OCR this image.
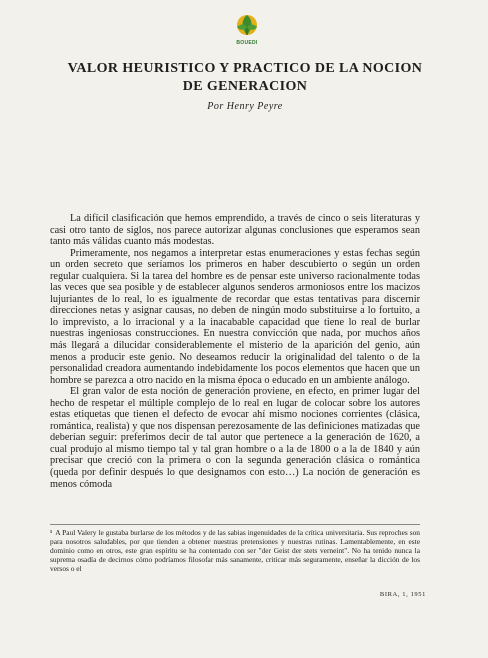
BOUEDI
VALOR HEURISTICO Y PRACTICO DE LA NOCION DE GENERACION
Por Henry Peyre

La difícil clasificación que hemos emprendido, a través de cinco o seis literaturas y casi otro tanto de siglos, nos parece autorizar algunas conclusiones que esperamos sean tanto más válidas cuanto más modestas.

Primeramente, nos negamos a interpretar estas enumeraciones y estas fechas según un orden secreto que seríamos los primeros en haber descubierto o según un orden regular cualquiera. Si la tarea del hombre es de pensar este universo racionalmente todas las veces que sea posible y de establecer algunos senderos armoniosos entre los macizos lujuriantes de lo real, lo es igualmente de recordar que estas tentativas para discernir direcciones netas y asignar causas, no deben de ningún modo substituirse a lo fortuito, a lo imprevisto, a lo irracional y a la inacabable capacidad que tiene lo real de burlar nuestras ingeniosas construcciones. En nuestra convicción que nada, por muchos años más llegará a dilucidar considerablemente el misterio de la aparición del genio, aún menos a producir este genio. No deseamos reducir la originalidad del talento o de la personalidad creadora aumentando indebidamente los pocos elementos que hacen que un hombre se parezca a otro nacido en la misma época o educado en un ambiente análogo.

El gran valor de esta noción de generación proviene, en efecto, en primer lugar del hecho de respetar el múltiple complejo de lo real en lugar de colocar sobre los autores estas etiquetas que tienen el defecto de evocar ahí mismo nociones corrientes (clásica, romántica, realista) y que nos dispensan perezosamente de las definiciones matizadas que deberían seguir: preferimos decir de tal autor que pertenece a la generación de 1620, a cual produjo al mismo tiempo tal y tal gran hombre o a la de 1800 o a la de 1840 y aún precisar que creció con la primera o con la segunda generación clásica o romántica (queda por definir después lo que designamos con esto…) La noción de generación es menos cómoda

¹ A Paul Valery le gustaba burlarse de los métodos y de las sabias ingenuidades de la crítica universitaria. Sus reproches son para nosotros saludables, por que tienden a obtener nuestras pretensiones y nuestras rutinas. Lamentablemente, en este dominio como en otros, este gran espíritu se ha contentado con ser "der Geist der stets verneint". No ha tenido nunca la suprema osadía de decirnos cómo podríamos filosofar más sanamente, criticar más seguramente, enseñar la dicción de los versos o el

BIRA, 1, 1951
